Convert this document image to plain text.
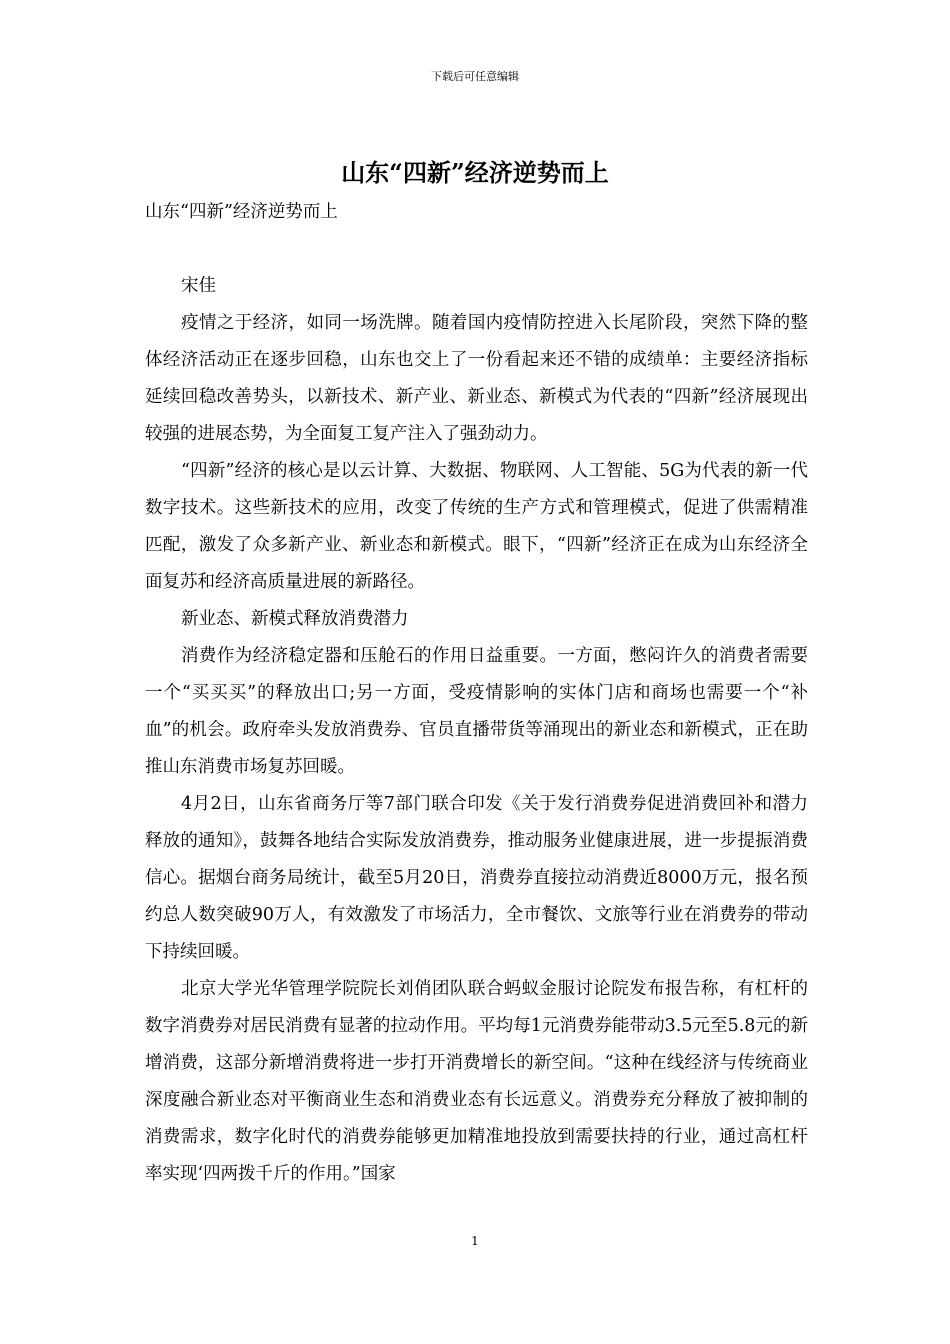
下载后可任意编辑
山东“四新”经济逆势而上

山东“四新”经济逆势而上

宋佳

疫情之于经济，如同一场洗牌。随着国内疫情防控进入长尾阶段，突然下降的整体经济活动正在逐步回稳，山东也交上了一份看起来还不错的成绩单：主要经济指标延续回稳改善势头，以新技术、新产业、新业态、新模式为代表的“四新”经济展现出较强的进展态势，为全面复工复产注入了强劲动力。

“四新”经济的核心是以云计算、大数据、物联网、人工智能、5G为代表的新一代数字技术。这些新技术的应用，改变了传统的生产方式和管理模式，促进了供需精准匹配，激发了众多新产业、新业态和新模式。眼下，“四新”经济正在成为山东经济全面复苏和经济高质量进展的新路径。

新业态、新模式释放消费潜力

消费作为经济稳定器和压舱石的作用日益重要。一方面，憋闷许久的消费者需要一个“买买买”的释放出口;另一方面，受疫情影响的实体门店和商场也需要一个“补血”的机会。政府牵头发放消费券、官员直播带货等涌现出的新业态和新模式，正在助推山东消费市场复苏回暖。

4月2日，山东省商务厅等7部门联合印发《关于发行消费券促进消费回补和潜力释放的通知》，鼓舞各地结合实际发放消费券，推动服务业健康进展，进一步提振消费信心。据烟台商务局统计，截至5月20日，消费券直接拉动消费近8000万元，报名预约总人数突破90万人，有效激发了市场活力，全市餐饮、文旅等行业在消费券的带动下持续回暖。

北京大学光华管理学院院长刘俏团队联合蚂蚁金服讨论院发布报告称，有杠杆的数字消费券对居民消费有显著的拉动作用。平均每1元消费券能带动3.5元至5.8元的新增消费，这部分新增消费将进一步打开消费增长的新空间。“这种在线经济与传统商业深度融合新业态对平衡商业生态和消费业态有长远意义。消费券充分释放了被抑制的消费需求，数字化时代的消费券能够更加精准地投放到需要扶持的行业，通过高杠杆率实现‘四两拨千斤的作用。”国家

1
